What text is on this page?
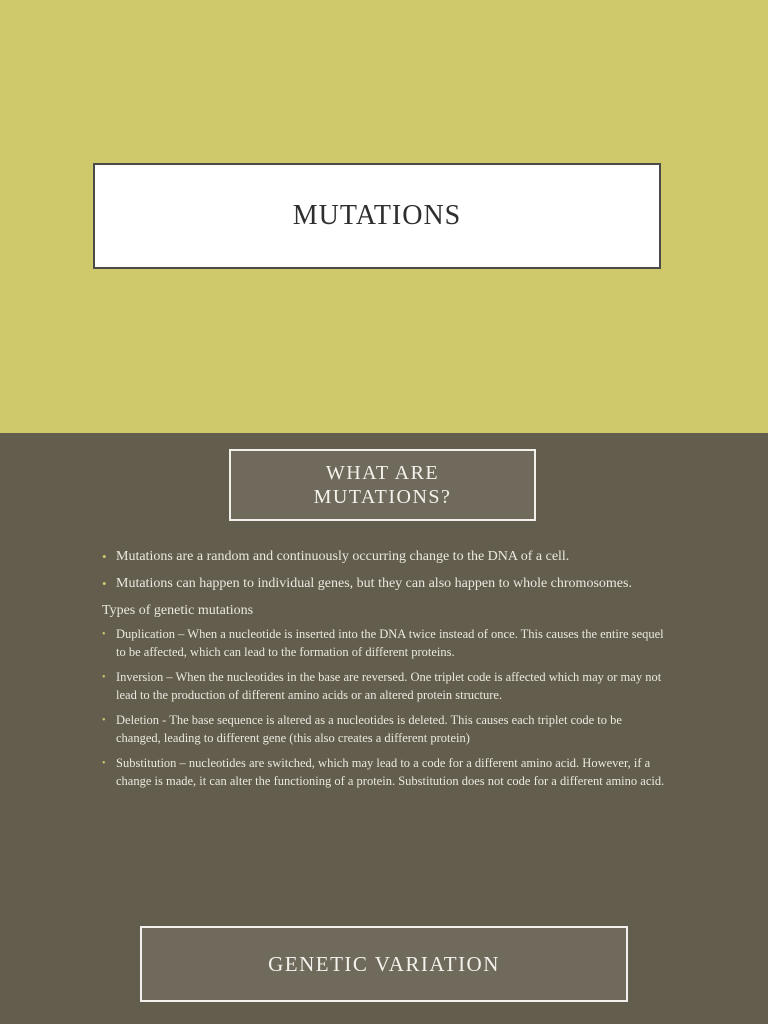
MUTATIONS
WHAT ARE
MUTATIONS?
• Mutations are a random and continuously occurring change to the DNA of a cell.
• Mutations can happen to individual genes, but they can also happen to whole chromosomes.
Types of genetic mutations
• Duplication – When a nucleotide is inserted into the DNA twice instead of once. This causes the entire sequel to be affected, which can lead to the formation of different proteins.
• Inversion – When the nucleotides in the base are reversed. One triplet code is affected which may or may not lead to the production of different amino acids or an altered protein structure.
• Deletion - The base sequence is altered as a nucleotides is deleted. This causes each triplet code to be changed, leading to different gene (this also creates a different protein)
• Substitution – nucleotides are switched, which may lead to a code for a different amino acid. However, if a change is made, it can alter the functioning of a protein. Substitution does not code for a different amino acid.
GENETIC VARIATION
